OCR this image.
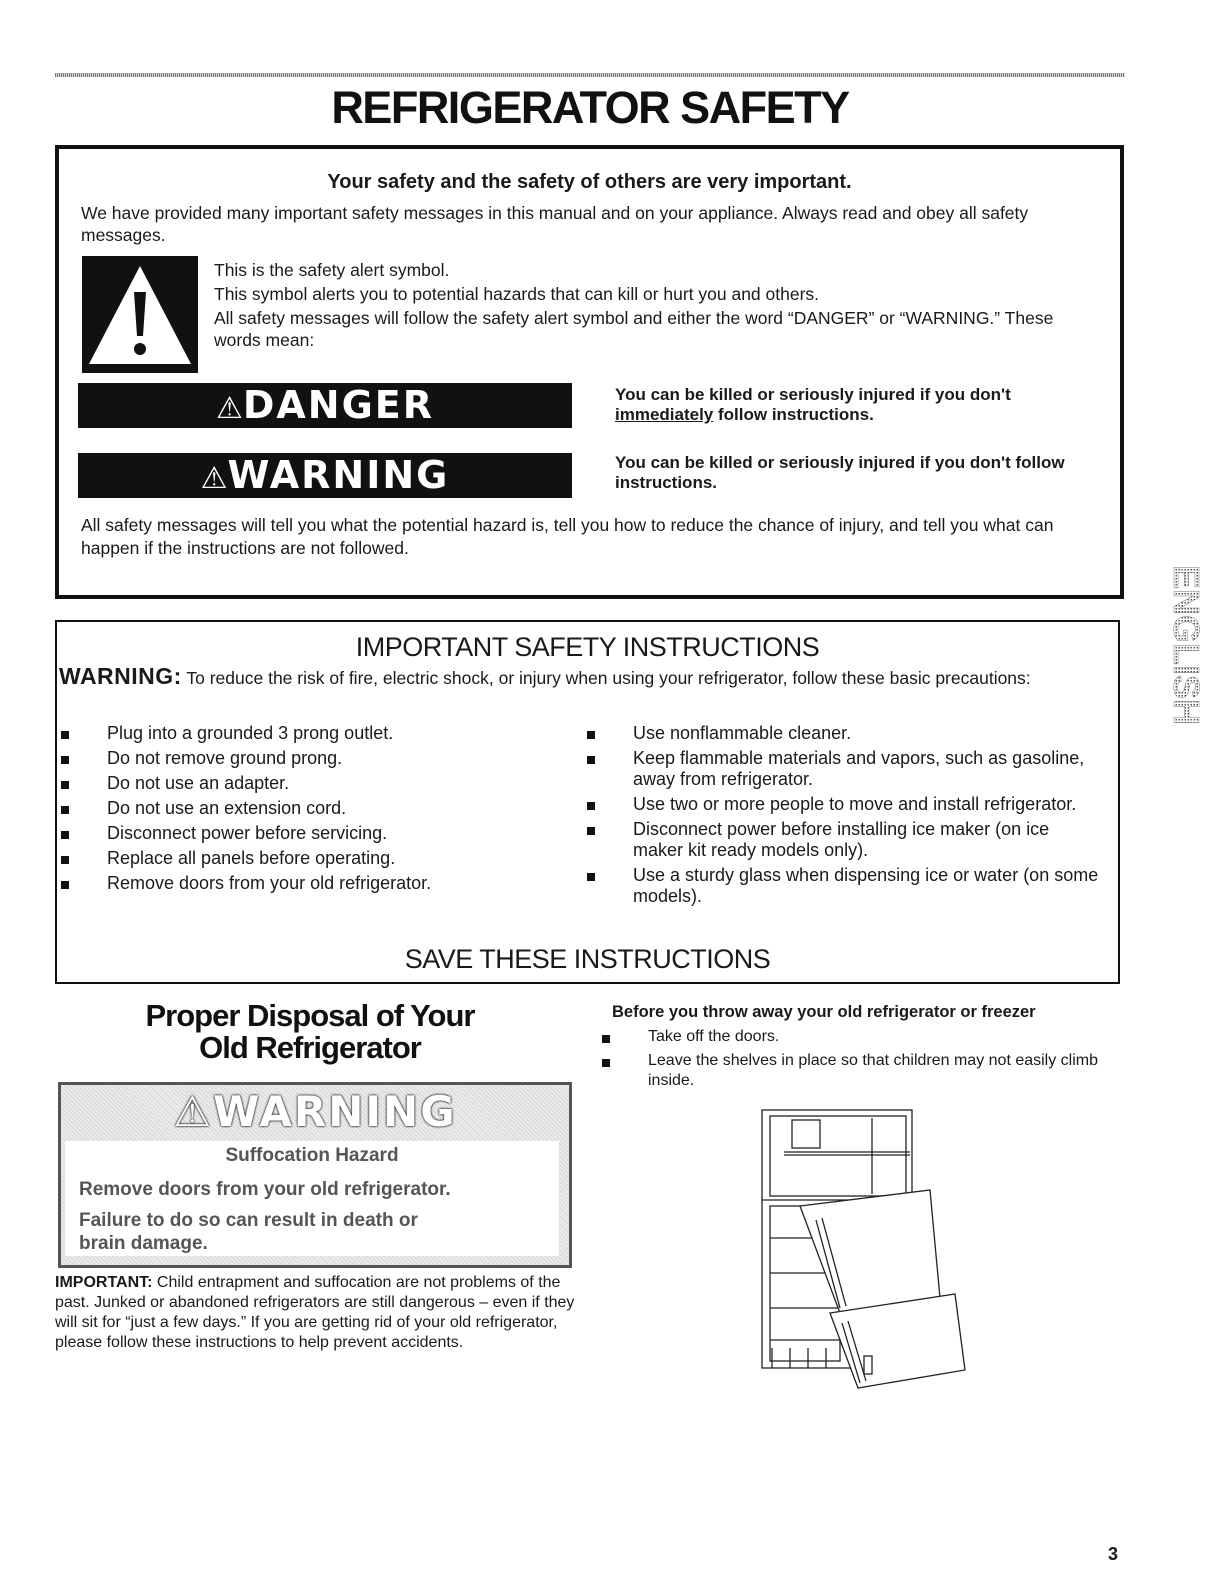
REFRIGERATOR SAFETY
Your safety and the safety of others are very important.
We have provided many important safety messages in this manual and on your appliance. Always read and obey all safety messages.
This is the safety alert symbol.
This symbol alerts you to potential hazards that can kill or hurt you and others.
All safety messages will follow the safety alert symbol and either the word “DANGER” or “WARNING.” These words mean:
⚠DANGER	You can be killed or seriously injured if you don't
immediately follow instructions.
⚠WARNING	You can be killed or seriously injured if you don't follow instructions.
All safety messages will tell you what the potential hazard is, tell you how to reduce the chance of injury, and tell you what can happen if the instructions are not followed.
ENGLISH
IMPORTANT SAFETY INSTRUCTIONS
WARNING: To reduce the risk of fire, electric shock, or injury when using your refrigerator, follow these basic precautions:
Plug into a grounded 3 prong outlet.
Do not remove ground prong.
Do not use an adapter.
Do not use an extension cord.
Disconnect power before servicing.
Replace all panels before operating.
Remove doors from your old refrigerator.
Use nonflammable cleaner.
Keep flammable materials and vapors, such as gasoline, away from refrigerator.
Use two or more people to move and install refrigerator.
Disconnect power before installing ice maker (on ice maker kit ready models only).
Use a sturdy glass when dispensing ice or water (on some models).
SAVE THESE INSTRUCTIONS
Proper Disposal of Your
Old Refrigerator
⚠WARNING
Suffocation Hazard
Remove doors from your old refrigerator.
Failure to do so can result in death or brain damage.
IMPORTANT: Child entrapment and suffocation are not problems of the past. Junked or abandoned refrigerators are still dangerous – even if they will sit for “just a few days.” If you are getting rid of your old refrigerator, please follow these instructions to help prevent accidents.
Before you throw away your old refrigerator or freezer
Take off the doors.
Leave the shelves in place so that children may not easily climb inside.
3
